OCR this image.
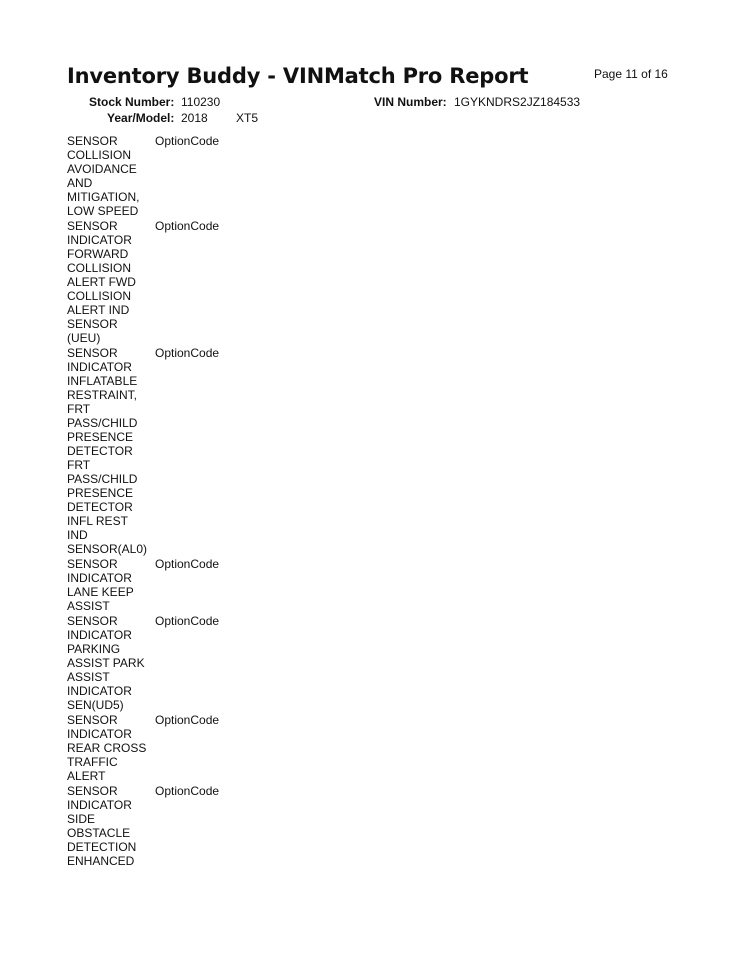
Inventory Buddy - VINMatch Pro Report	Page 11 of 16
Stock Number: 110230	VIN Number: 1GYKNDRS2JZ184533
Year/Model: 2018 XT5
SENSOR
COLLISION
AVOIDANCE
AND
MITIGATION,
LOW SPEED
OptionCode
SENSOR
INDICATOR
FORWARD
COLLISION
ALERT FWD
COLLISION
ALERT IND
SENSOR
(UEU)
OptionCode
SENSOR
INDICATOR
INFLATABLE
RESTRAINT,
FRT
PASS/CHILD
PRESENCE
DETECTOR
FRT
PASS/CHILD
PRESENCE
DETECTOR
INFL REST
IND
SENSOR(AL0)
OptionCode
SENSOR
INDICATOR
LANE KEEP
ASSIST
OptionCode
SENSOR
INDICATOR
PARKING
ASSIST PARK
ASSIST
INDICATOR
SEN(UD5)
OptionCode
SENSOR
INDICATOR
REAR CROSS
TRAFFIC
ALERT
OptionCode
SENSOR
INDICATOR
SIDE
OBSTACLE
DETECTION
ENHANCED
OptionCode
